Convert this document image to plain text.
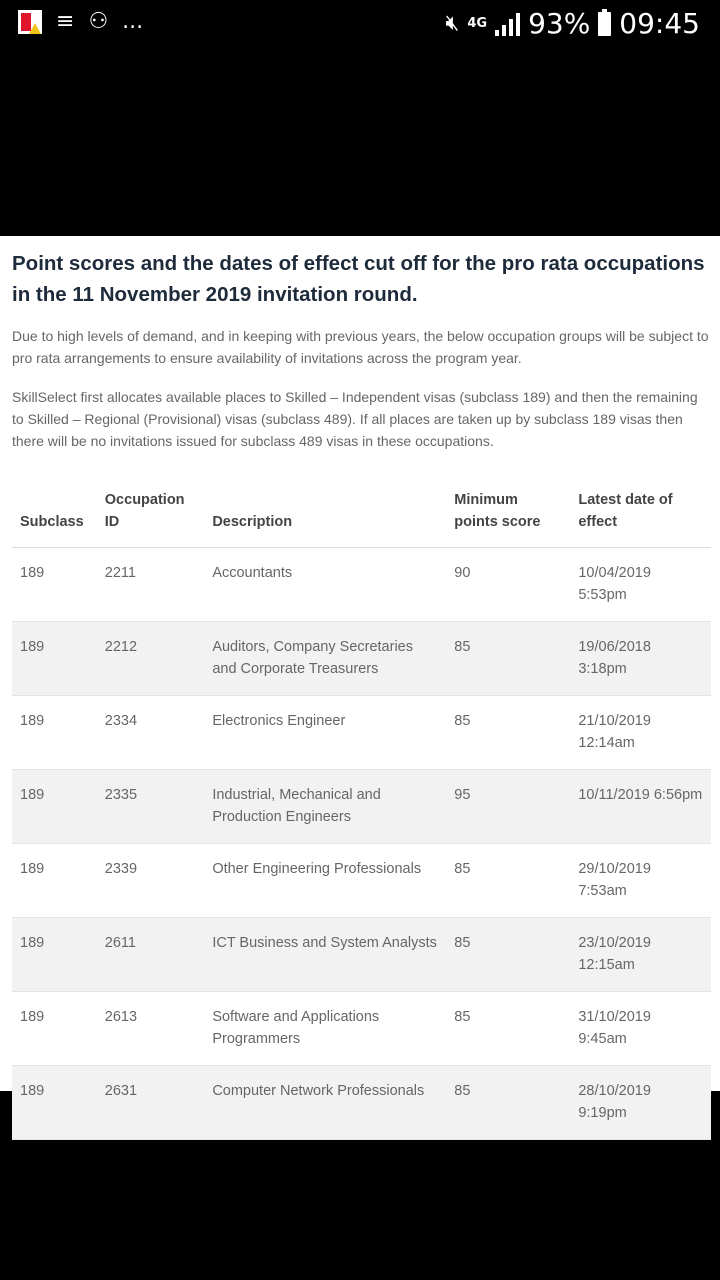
≡ ⚇ ...	🔇︎ 4G 93% 09:45
Point scores and the dates of effect cut off for the pro rata occupations in the 11 November 2019 invitation round.

Due to high levels of demand, and in keeping with previous years, the below occupation groups will be subject to pro rata arrangements to ensure availability of invitations across the program year.

SkillSelect first allocates available places to Skilled – Independent visas (subclass 189) and then the remaining to Skilled – Regional (Provisional) visas (subclass 489). If all places are taken up by subclass 189 visas then there will be no invitations issued for subclass 489 visas in these occupations.

Subclass	Occupation ID	Description	Minimum points score	Latest date of effect
189	2211	Accountants	90	10/04/2019 5:53pm
189	2212	Auditors, Company Secretaries and Corporate Treasurers	85	19/06/2018 3:18pm
189	2334	Electronics Engineer	85	21/10/2019 12:14am
189	2335	Industrial, Mechanical and Production Engineers	95	10/11/2019 6:56pm
189	2339	Other Engineering Professionals	85	29/10/2019 7:53am
189	2611	ICT Business and System Analysts	85	23/10/2019 12:15am
189	2613	Software and Applications Programmers	85	31/10/2019 9:45am
189	2631	Computer Network Professionals	85	28/10/2019 9:19pm
